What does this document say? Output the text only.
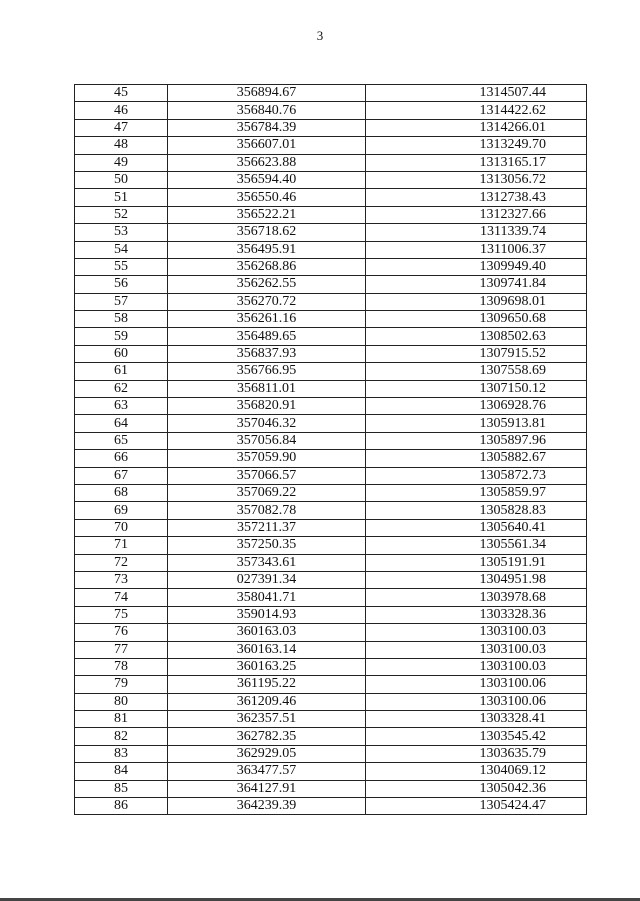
3
45	356894.67	1314507.44
46	356840.76	1314422.62
47	356784.39	1314266.01
48	356607.01	1313249.70
49	356623.88	1313165.17
50	356594.40	1313056.72
51	356550.46	1312738.43
52	356522.21	1312327.66
53	356718.62	1311339.74
54	356495.91	1311006.37
55	356268.86	1309949.40
56	356262.55	1309741.84
57	356270.72	1309698.01
58	356261.16	1309650.68
59	356489.65	1308502.63
60	356837.93	1307915.52
61	356766.95	1307558.69
62	356811.01	1307150.12
63	356820.91	1306928.76
64	357046.32	1305913.81
65	357056.84	1305897.96
66	357059.90	1305882.67
67	357066.57	1305872.73
68	357069.22	1305859.97
69	357082.78	1305828.83
70	357211.37	1305640.41
71	357250.35	1305561.34
72	357343.61	1305191.91
73	027391.34	1304951.98
74	358041.71	1303978.68
75	359014.93	1303328.36
76	360163.03	1303100.03
77	360163.14	1303100.03
78	360163.25	1303100.03
79	361195.22	1303100.06
80	361209.46	1303100.06
81	362357.51	1303328.41
82	362782.35	1303545.42
83	362929.05	1303635.79
84	363477.57	1304069.12
85	364127.91	1305042.36
86	364239.39	1305424.47
